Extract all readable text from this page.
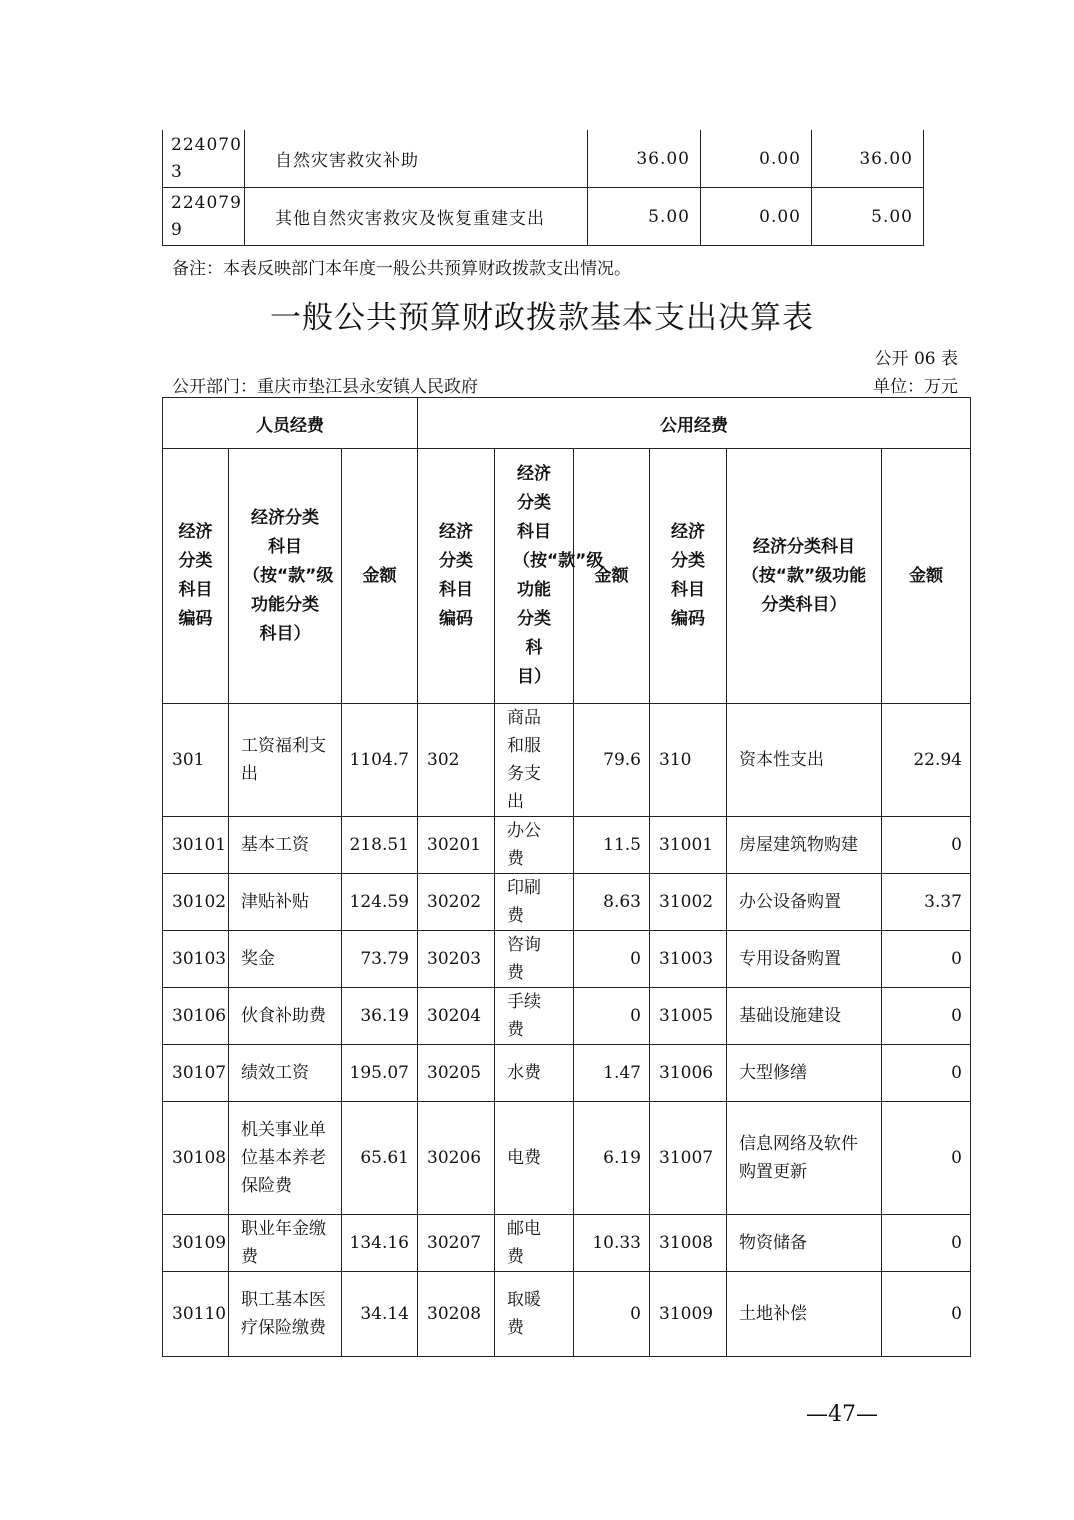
2240703	自然灾害救灾补助	36.00	0.00	36.00
2240799	其他自然灾害救灾及恢复重建支出	5.00	0.00	5.00
备注：本表反映部门本年度一般公共预算财政拨款支出情况。
一般公共预算财政拨款基本支出决算表
公开 06 表
公开部门：重庆市垫江县永安镇人民政府	单位：万元
人员经费			公用经费					
经济分类科目编码	经济分类科目（按“款”级功能分类科目）	金额	经济分类科目编码	经济分类科目（按“款”级功能分类科目）	金额	经济分类科目编码	经济分类科目（按“款”级功能分类科目）	金额
301	工资福利支出	1104.7	302	商品和服务支出	79.6	310	资本性支出	22.94
30101	基本工资	218.51	30201	办公费	11.5	31001	房屋建筑物购建	0
30102	津贴补贴	124.59	30202	印刷费	8.63	31002	办公设备购置	3.37
30103	奖金	73.79	30203	咨询费	0	31003	专用设备购置	0
30106	伙食补助费	36.19	30204	手续费	0	31005	基础设施建设	0
30107	绩效工资	195.07	30205	水费	1.47	31006	大型修缮	0
30108	机关事业单位基本养老保险费	65.61	30206	电费	6.19	31007	信息网络及软件购置更新	0
30109	职业年金缴费	134.16	30207	邮电费	10.33	31008	物资储备	0
30110	职工基本医疗保险缴费	34.14	30208	取暖费	0	31009	土地补偿	0
—47—
